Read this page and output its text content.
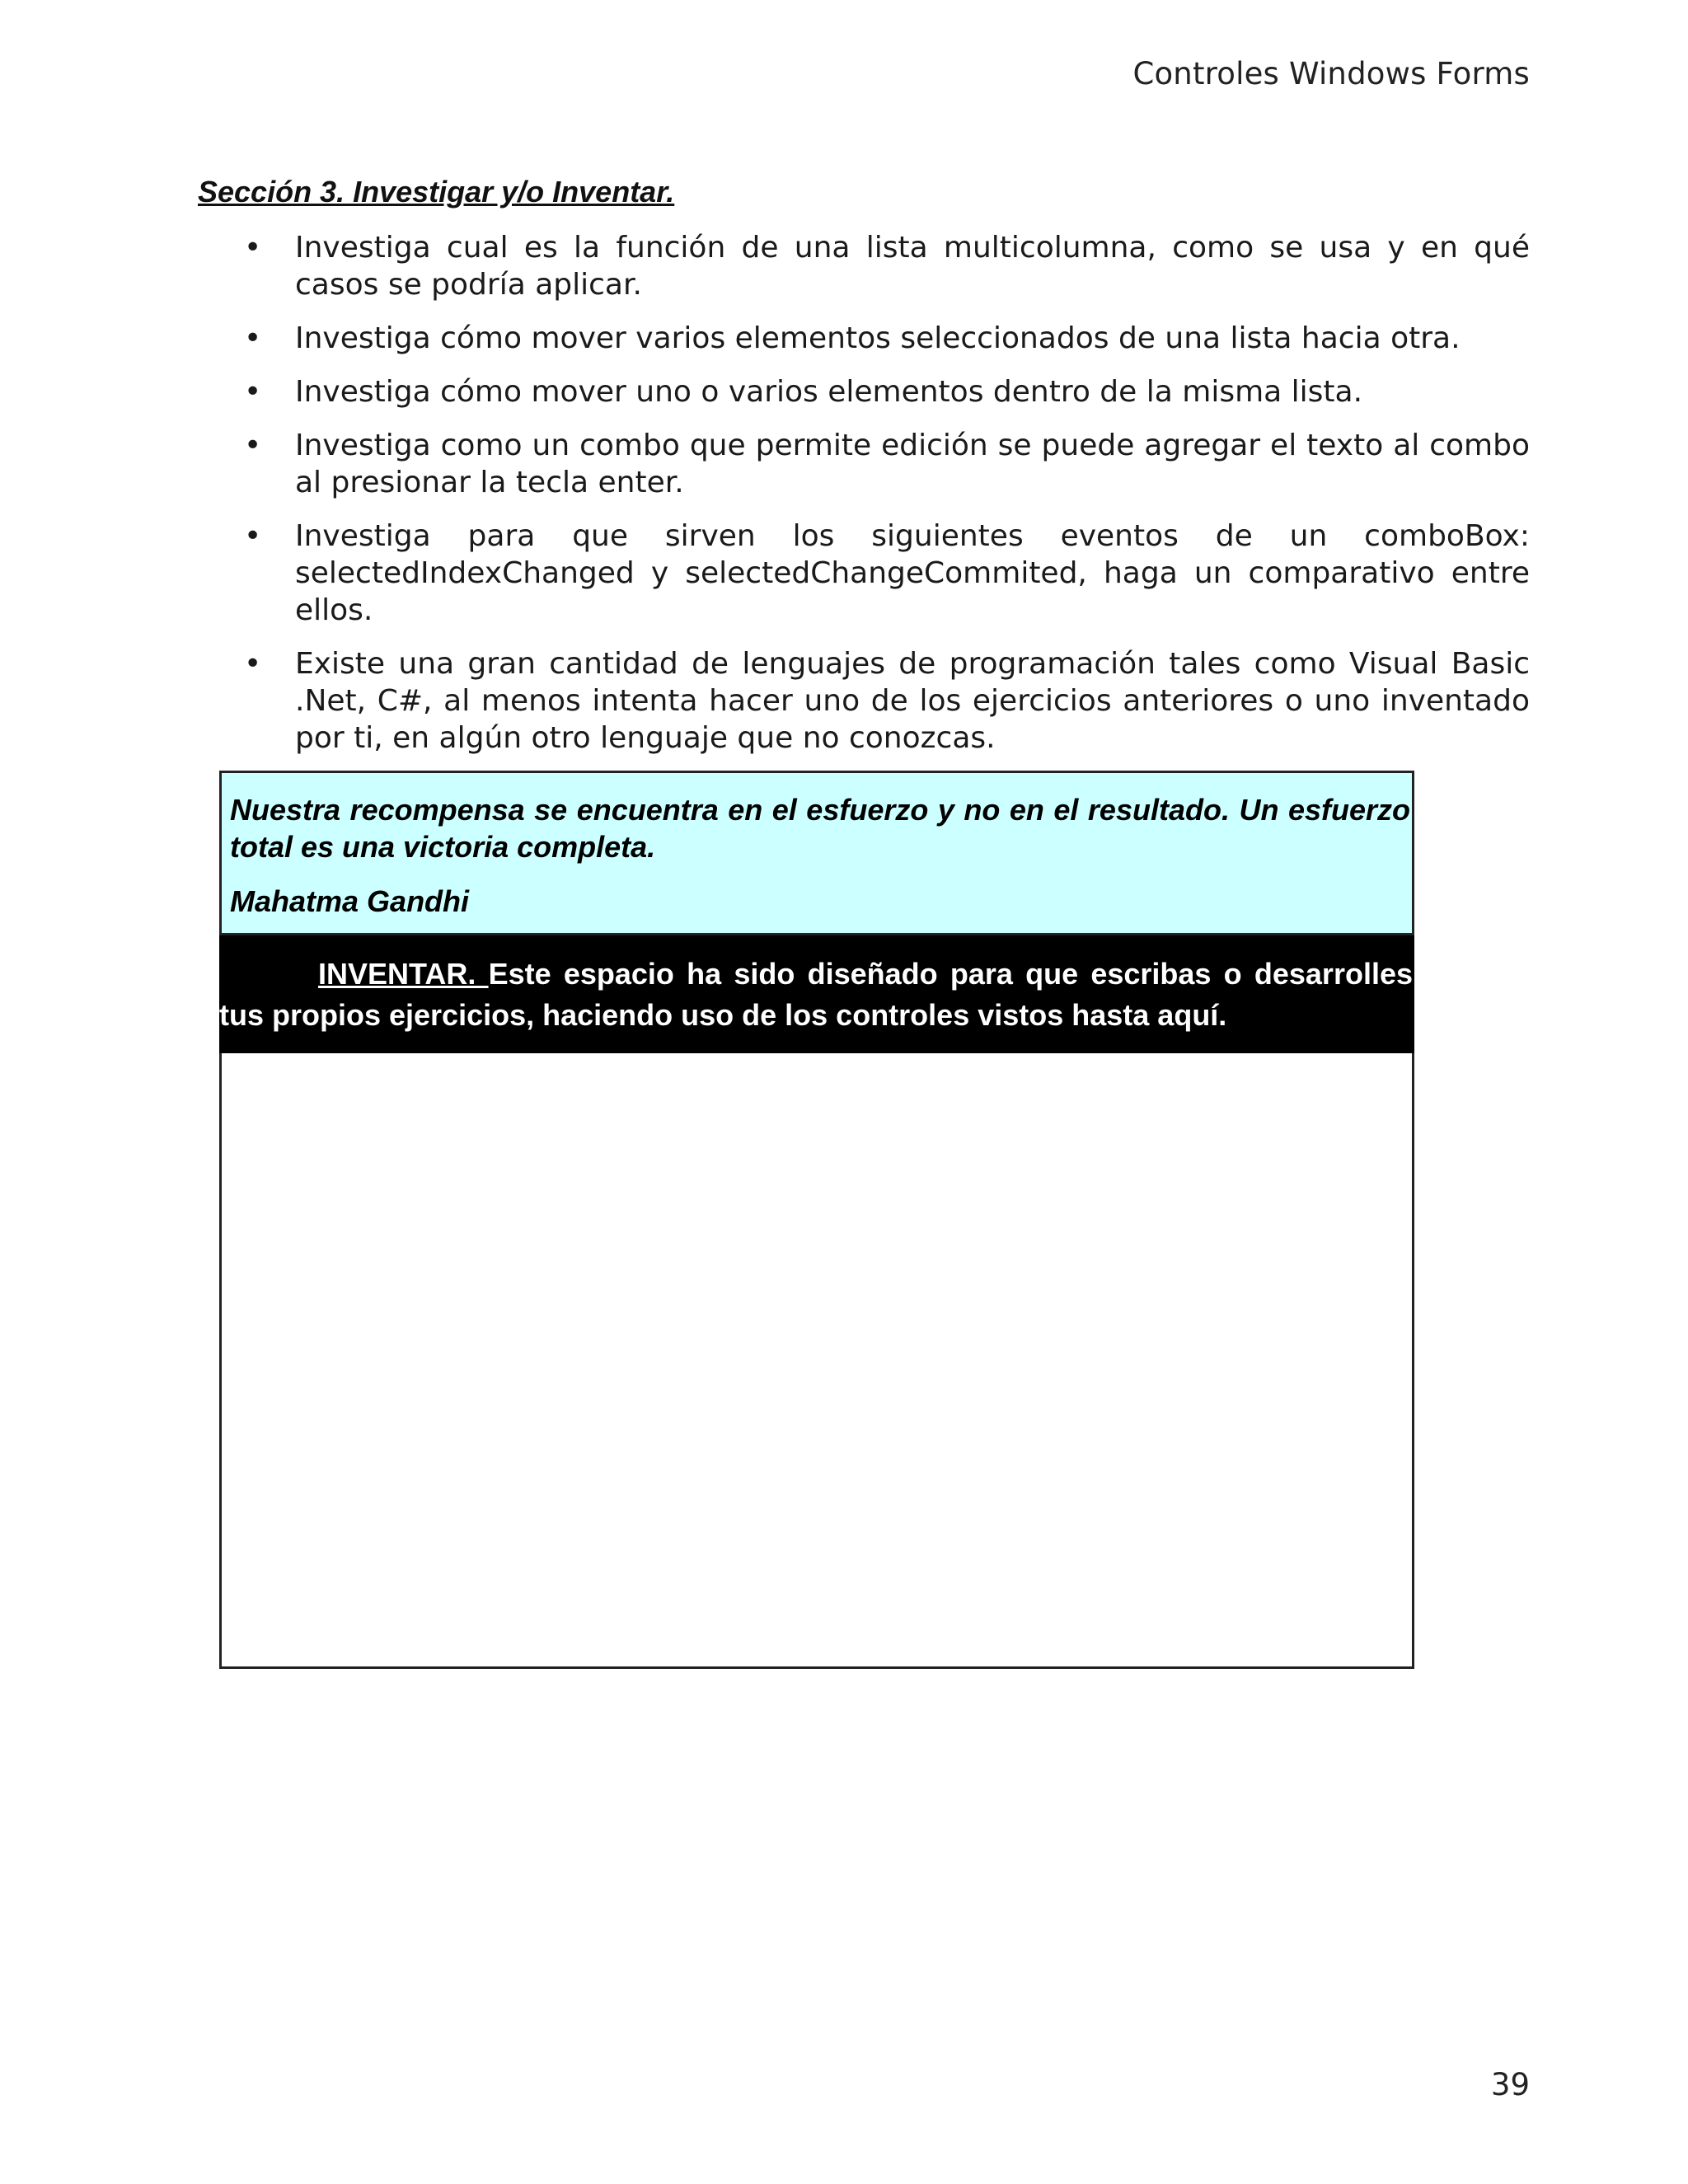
Controles Windows Forms
Sección 3. Investigar y/o Inventar.
• Investiga cual es la función de una lista multicolumna, como se usa y en qué casos se podría aplicar.
• Investiga cómo mover varios elementos seleccionados de una lista hacia otra.
• Investiga cómo mover uno o varios elementos dentro de la misma lista.
• Investiga como un combo que permite edición se puede agregar el texto al combo al presionar la tecla enter.
• Investiga para que sirven los siguientes eventos de un comboBox: selectedIndexChanged y selectedChangeCommited, haga un comparativo entre ellos.
• Existe una gran cantidad de lenguajes de programación tales como Visual Basic .Net, C#, al menos intenta hacer uno de los ejercicios anteriores o uno inventado por ti, en algún otro lenguaje que no conozcas.
Nuestra recompensa se encuentra en el esfuerzo y no en el resultado. Un esfuerzo total es una victoria completa.
Mahatma Gandhi
INVENTAR. Este espacio ha sido diseñado para que escribas o desarrolles tus propios ejercicios, haciendo uso de los controles vistos hasta aquí.
39
